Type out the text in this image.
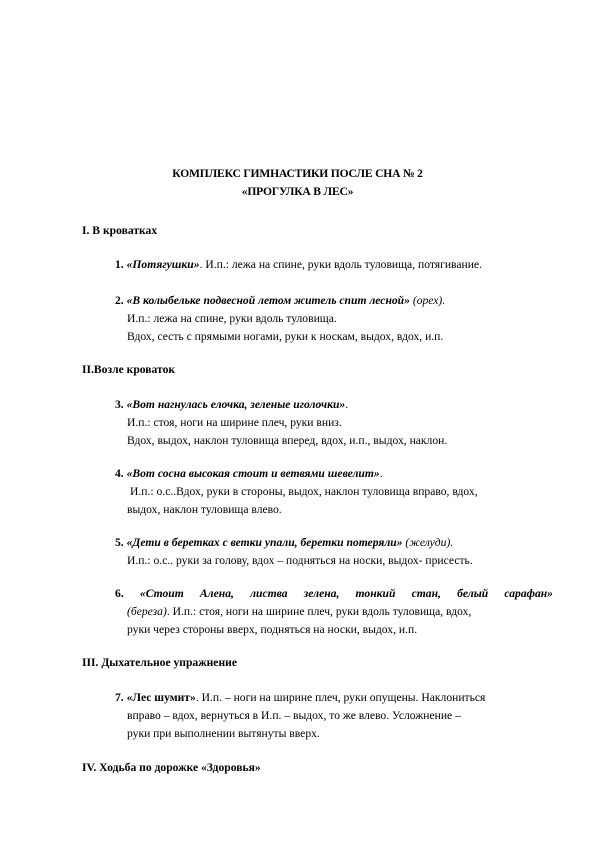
КОМПЛЕКС ГИМНАСТИКИ ПОСЛЕ СНА № 2
«ПРОГУЛКА В ЛЕС»
I. В кроватках
1. «Потягушки». И.п.: лежа на спине, руки вдоль туловища, потягивание.
2. «В колыбельке подвесной летом житель спит лесной» (орех).
И.п.: лежа на спине, руки вдоль туловища.
Вдох, сесть с прямыми ногами, руки к носкам, выдох, вдох, и.п.
II.Возле кроваток
3. «Вот нагнулась елочка, зеленые иголочки».
И.п.: стоя, ноги на ширине плеч, руки вниз.
Вдох, выдох, наклон туловища вперед, вдох, и.п., выдох, наклон.
4. «Вот сосна высокая стоит и ветвями шевелит».
И.п.: о.с..Вдох, руки в стороны, выдох, наклон туловища вправо, вдох,
выдох, наклон туловища влево.
5. «Дети в беретках с ветки упали, беретки потеряли» (желуди).
И.п.: о.с.. руки за голову, вдох – подняться на носки, выдох- присесть.
6. «Стоит Алена, листва зелена, тонкий стан, белый сарафан»
(береза). И.п.: стоя, ноги на ширине плеч, руки вдоль туловища, вдох,
руки через стороны вверх, подняться на носки, выдох, и.п.
III. Дыхательное упражнение
7. «Лес шумит». И.п. – ноги на ширине плеч, руки опущены. Наклониться
вправо – вдох, вернуться в И.п. – выдох, то же влево. Усложнение –
руки при выполнении вытянуты вверх.
IV. Ходьба по дорожке «Здоровья»
